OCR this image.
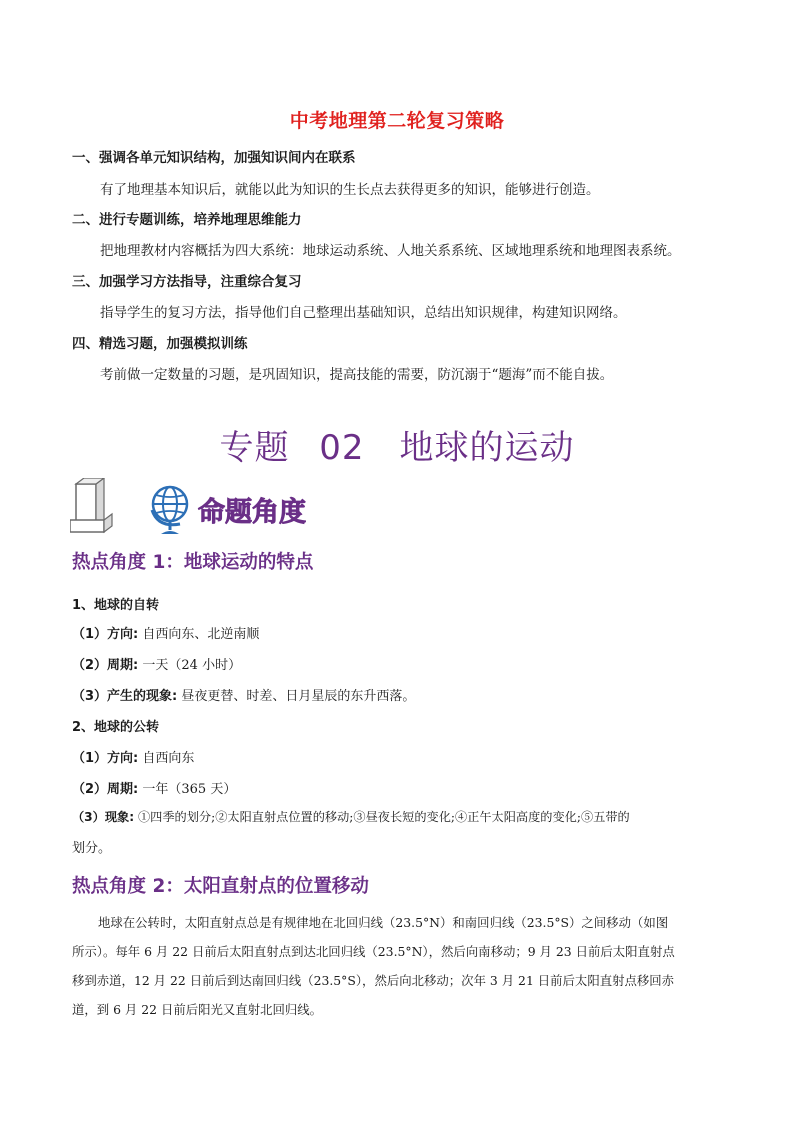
中考地理第二轮复习策略
一、强调各单元知识结构，加强知识间内在联系
有了地理基本知识后，就能以此为知识的生长点去获得更多的知识，能够进行创造。
二、进行专题训练，培养地理思维能力
把地理教材内容概括为四大系统：地球运动系统、人地关系系统、区域地理系统和地理图表系统。
三、加强学习方法指导，注重综合复习
指导学生的复习方法，指导他们自己整理出基础知识，总结出知识规律，构建知识网络。
四、精选习题，加强模拟训练
考前做一定数量的习题，是巩固知识，提高技能的需要，防沉溺于“题海”而不能自拔。
专题 02　地球的运动
命题角度
1
热点角度 1：地球运动的特点
1、地球的自转
（1）方向: 自西向东、北逆南顺
（2）周期: 一天（24 小时）
（3）产生的现象: 昼夜更替、时差、日月星辰的东升西落。
2、地球的公转
（1）方向: 自西向东
（2）周期: 一年（365 天）
（3）现象: ①四季的划分;②太阳直射点位置的移动;③昼夜长短的变化;④正午太阳高度的变化;⑤五带的
划分。
热点角度 2：太阳直射点的位置移动
地球在公转时，太阳直射点总是有规律地在北回归线（23.5°N）和南回归线（23.5°S）之间移动（如图
所示）。每年 6 月 22 日前后太阳直射点到达北回归线（23.5°N），然后向南移动；9 月 23 日前后太阳直射点
移到赤道，12 月 22 日前后到达南回归线（23.5°S），然后向北移动；次年 3 月 21 日前后太阳直射点移回赤
道，到 6 月 22 日前后阳光又直射北回归线。
